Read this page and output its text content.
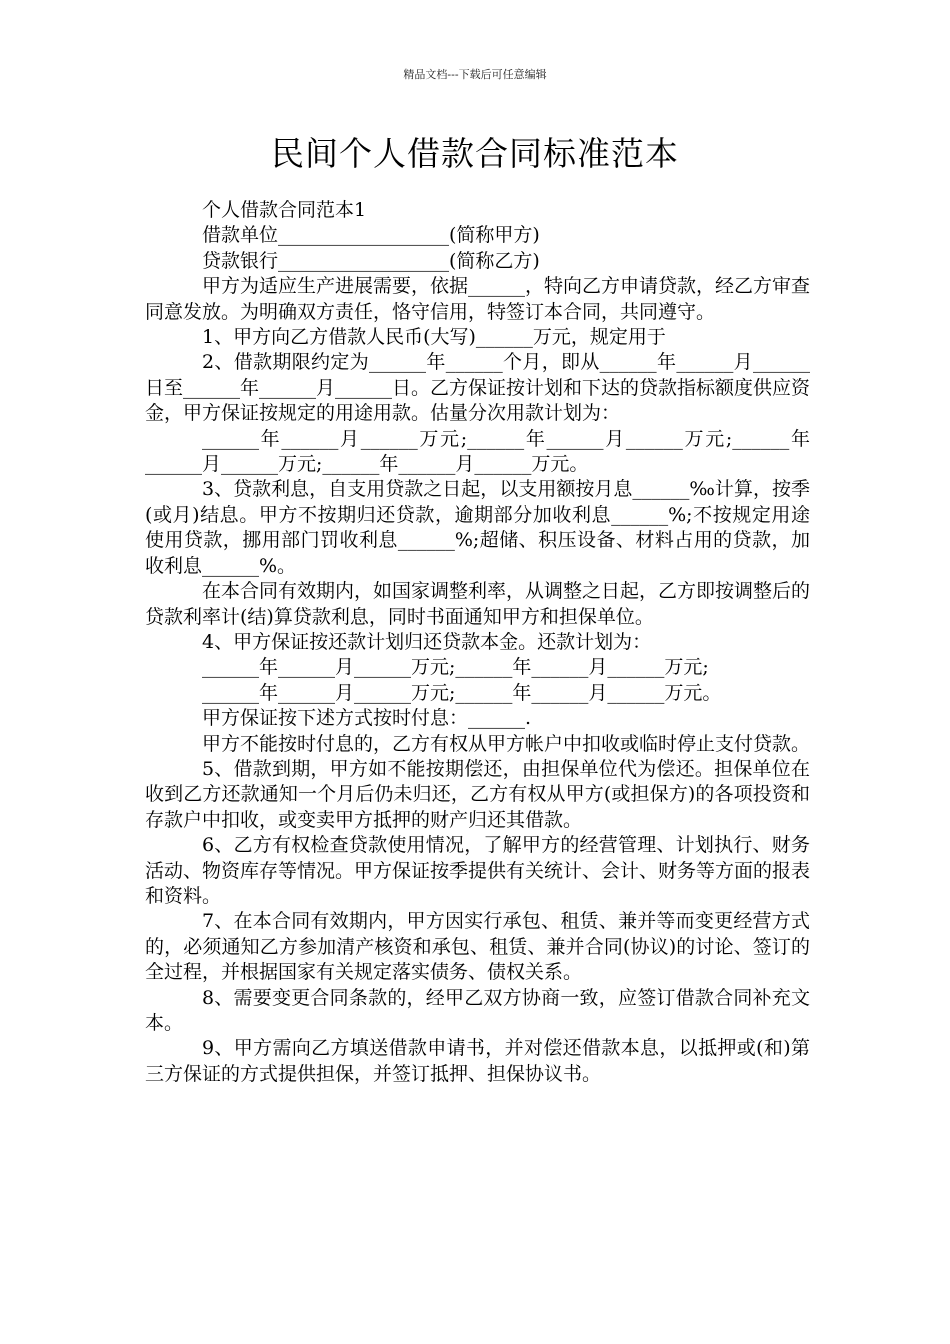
精品文档---下载后可任意编辑
民间个人借款合同标准范本

个人借款合同范本1

借款单位__________________(简称甲方)

贷款银行__________________(简称乙方)

甲方为适应生产进展需要，依据______，特向乙方申请贷款，经乙方审查同意发放。为明确双方责任，恪守信用，特签订本合同，共同遵守。

1、甲方向乙方借款人民币(大写)______万元，规定用于

2、借款期限约定为______年______个月，即从______年______月______日至______年______月______日。乙方保证按计划和下达的贷款指标额度供应资金，甲方保证按规定的用途用款。估量分次用款计划为：

______年______月______万元;______年______月______万元;______年______月______万元;______年______月______万元。

3、贷款利息，自支用贷款之日起，以支用额按月息______‰计算，按季(或月)结息。甲方不按期归还贷款，逾期部分加收利息______%;不按规定用途使用贷款，挪用部门罚收利息______%;超储、积压设备、材料占用的贷款，加收利息______%。

在本合同有效期内，如国家调整利率，从调整之日起，乙方即按调整后的贷款利率计(结)算贷款利息，同时书面通知甲方和担保单位。

4、甲方保证按还款计划归还贷款本金。还款计划为：

______年______月______万元;______年______月______万元;

______年______月______万元;______年______月______万元。

甲方保证按下述方式按时付息：______.

甲方不能按时付息的，乙方有权从甲方帐户中扣收或临时停止支付贷款。

5、借款到期，甲方如不能按期偿还，由担保单位代为偿还。担保单位在收到乙方还款通知一个月后仍未归还，乙方有权从甲方(或担保方)的各项投资和存款户中扣收，或变卖甲方抵押的财产归还其借款。

6、乙方有权检查贷款使用情况，了解甲方的经营管理、计划执行、财务活动、物资库存等情况。甲方保证按季提供有关统计、会计、财务等方面的报表和资料。

7、在本合同有效期内，甲方因实行承包、租赁、兼并等而变更经营方式的，必须通知乙方参加清产核资和承包、租赁、兼并合同(协议)的讨论、签订的全过程，并根据国家有关规定落实债务、债权关系。

8、需要变更合同条款的，经甲乙双方协商一致，应签订借款合同补充文本。

9、甲方需向乙方填送借款申请书，并对偿还借款本息，以抵押或(和)第三方保证的方式提供担保，并签订抵押、担保协议书。
